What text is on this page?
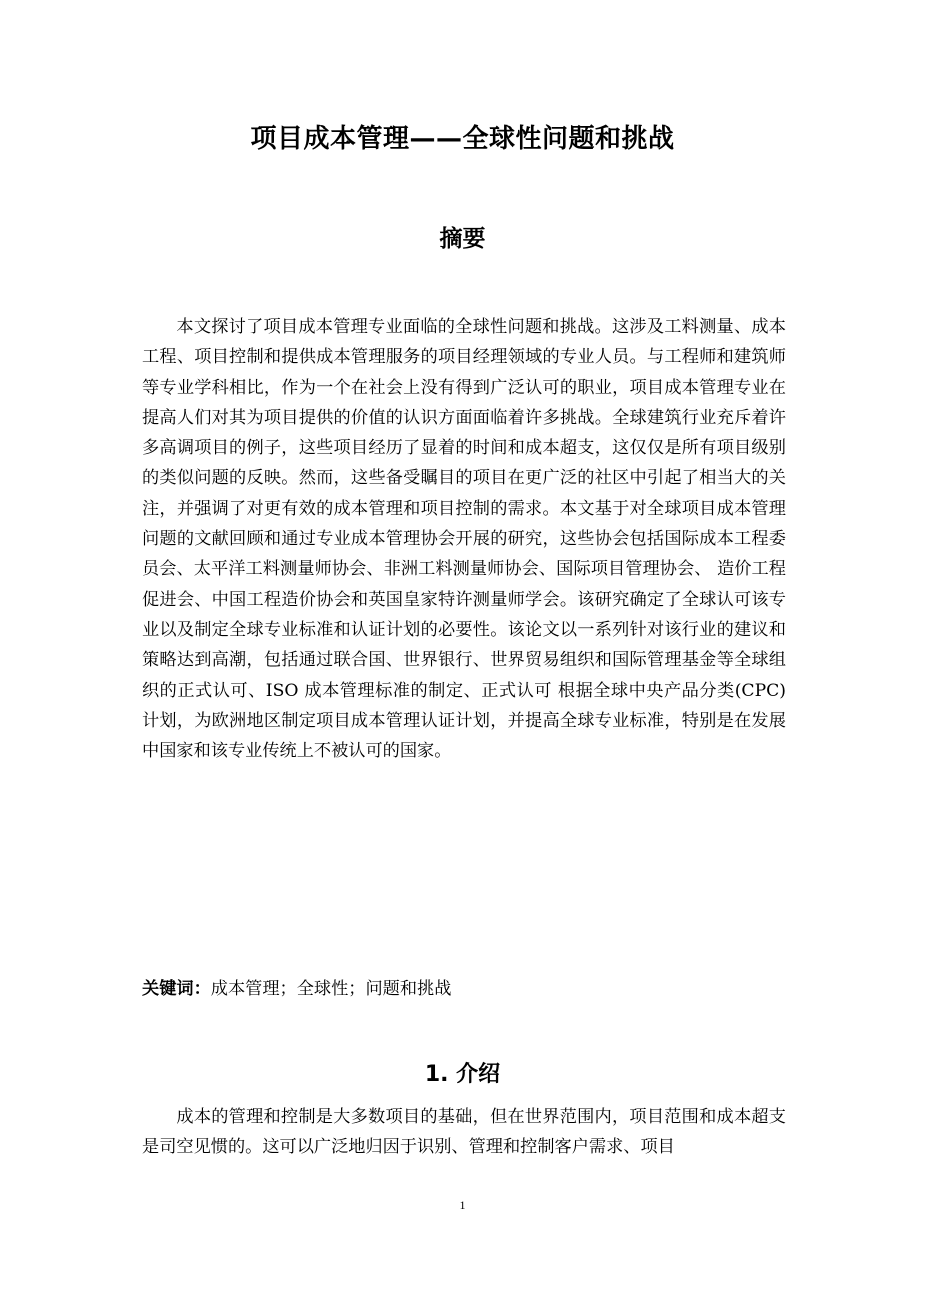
项目成本管理——全球性问题和挑战
摘要
本文探讨了项目成本管理专业面临的全球性问题和挑战。这涉及工料测量、成本工程、项目控制和提供成本管理服务的项目经理领域的专业人员。与工程师和建筑师等专业学科相比，作为一个在社会上没有得到广泛认可的职业，项目成本管理专业在提高人们对其为项目提供的价值的认识方面面临着许多挑战。全球建筑行业充斥着许多高调项目的例子，这些项目经历了显着的时间和成本超支，这仅仅是所有项目级别的类似问题的反映。然而，这些备受瞩目的项目在更广泛的社区中引起了相当大的关注，并强调了对更有效的成本管理和项目控制的需求。本文基于对全球项目成本管理问题的文献回顾和通过专业成本管理协会开展的研究，这些协会包括国际成本工程委员会、太平洋工料测量师协会、非洲工料测量师协会、国际项目管理协会、 造价工程促进会、中国工程造价协会和英国皇家特许测量师学会。该研究确定了全球认可该专业以及制定全球专业标准和认证计划的必要性。该论文以一系列针对该行业的建议和策略达到高潮，包括通过联合国、世界银行、世界贸易组织和国际管理基金等全球组织的正式认可、ISO 成本管理标准的制定、正式认可 根据全球中央产品分类(CPC)计划，为欧洲地区制定项目成本管理认证计划，并提高全球专业标准，特别是在发展中国家和该专业传统上不被认可的国家。
关键词：成本管理；全球性；问题和挑战
1. 介绍
成本的管理和控制是大多数项目的基础，但在世界范围内，项目范围和成本超支是司空见惯的。这可以广泛地归因于识别、管理和控制客户需求、项目
1
